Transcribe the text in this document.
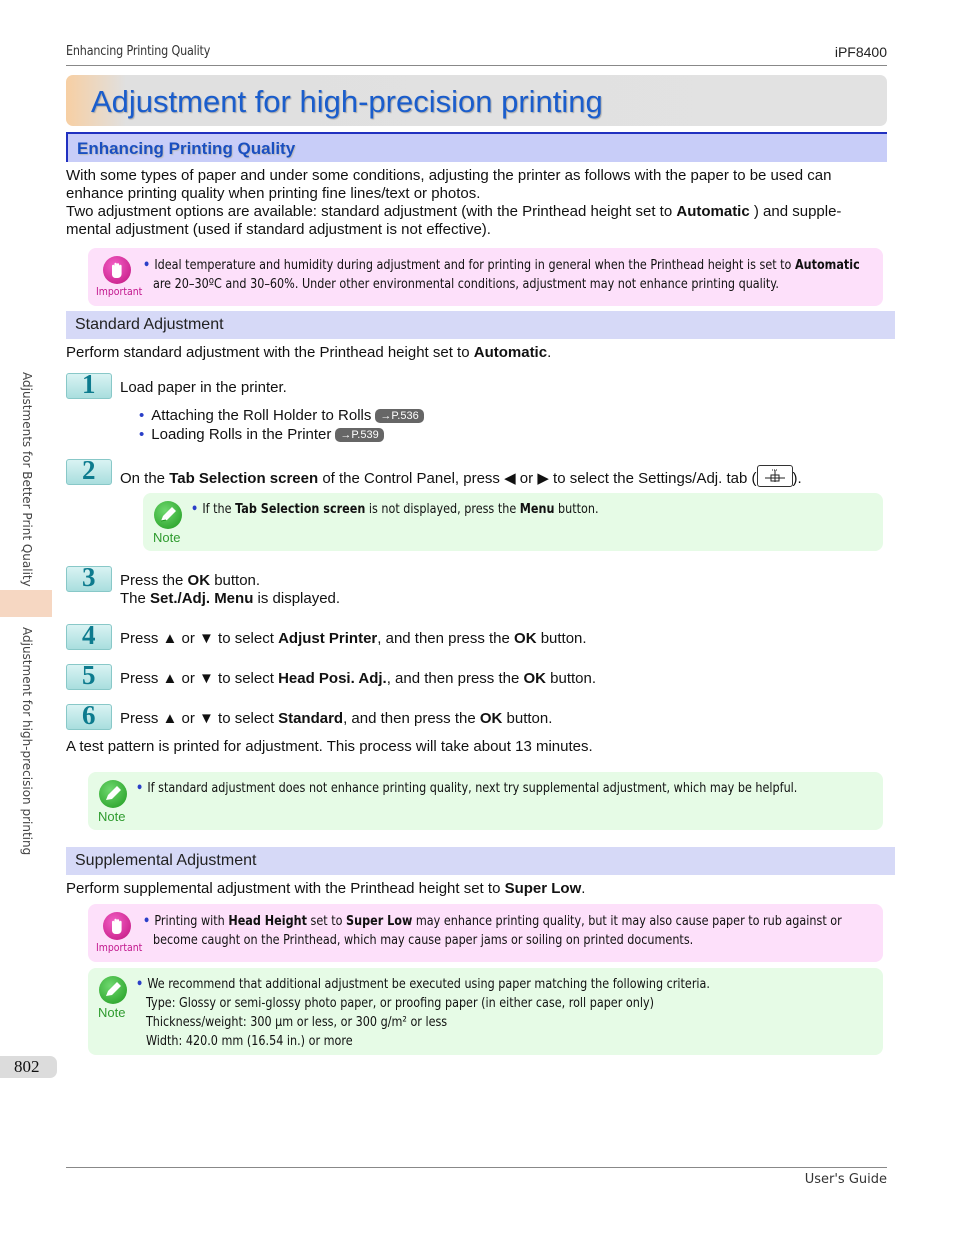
Enhancing Printing Quality	iPF8400
Adjustment for high-precision printing
Enhancing Printing Quality
With some types of paper and under some conditions, adjusting the printer as follows with the paper to be used can enhance printing quality when printing fine lines/text or photos.
Two adjustment options are available: standard adjustment (with the Printhead height set to Automatic ) and supple-
mental adjustment (used if standard adjustment is not effective).
Important
• Ideal temperature and humidity during adjustment and for printing in general when the Printhead height is set to Automatic
are 20–30ºC and 30–60%. Under other environmental conditions, adjustment may not enhance printing quality.
Standard Adjustment
Perform standard adjustment with the Printhead height set to Automatic.
1 Load paper in the printer.
• Attaching the Roll Holder to Rolls →P.536
• Loading Rolls in the Printer →P.539
2 On the Tab Selection screen of the Control Panel, press ◀ or ▶ to select the Settings/Adj. tab ( ).
Note
• If the Tab Selection screen is not displayed, press the Menu button.
3 Press the OK button.
The Set./Adj. Menu is displayed.
4 Press ▲ or ▼ to select Adjust Printer, and then press the OK button.
5 Press ▲ or ▼ to select Head Posi. Adj., and then press the OK button.
6 Press ▲ or ▼ to select Standard, and then press the OK button.
A test pattern is printed for adjustment. This process will take about 13 minutes.
Note
• If standard adjustment does not enhance printing quality, next try supplemental adjustment, which may be helpful.
Supplemental Adjustment
Perform supplemental adjustment with the Printhead height set to Super Low.
Important
• Printing with Head Height set to Super Low may enhance printing quality, but it may also cause paper to rub against or
become caught on the Printhead, which may cause paper jams or soiling on printed documents.
Note
• We recommend that additional adjustment be executed using paper matching the following criteria.
Type: Glossy or semi-glossy photo paper, or proofing paper (in either case, roll paper only)
Thickness/weight: 300 µm or less, or 300 g/m² or less
Width: 420.0 mm (16.54 in.) or more
Adjustments for Better Print Quality
Adjustment for high-precision printing
802
User's Guide
